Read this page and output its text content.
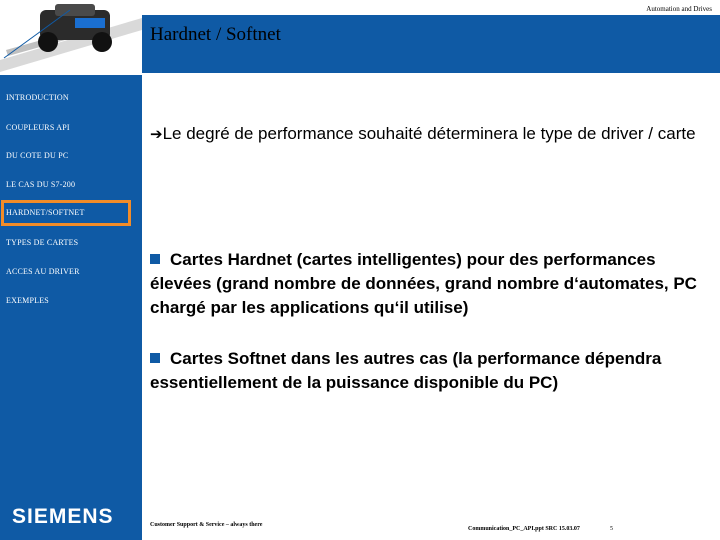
Automation and Drives
Hardnet / Softnet
INTRODUCTION
COUPLEURS API
DU COTE DU PC
LE CAS DU S7-200
HARDNET/SOFTNET
TYPES DE CARTES
ACCES AU DRIVER
EXEMPLES
SIEMENS
➔Le degré de performance souhaité déterminera le type de driver / carte
Cartes Hardnet (cartes intelligentes) pour des performances élevées (grand nombre de données, grand nombre d‘automates, PC chargé par les applications qu‘il utilise)
Cartes Softnet dans les autres cas (la performance dépendra essentiellement de la puissance disponible du PC)
Customer Support & Service – always there
Communication_PC_API.ppt SRC 15.03.07	5
